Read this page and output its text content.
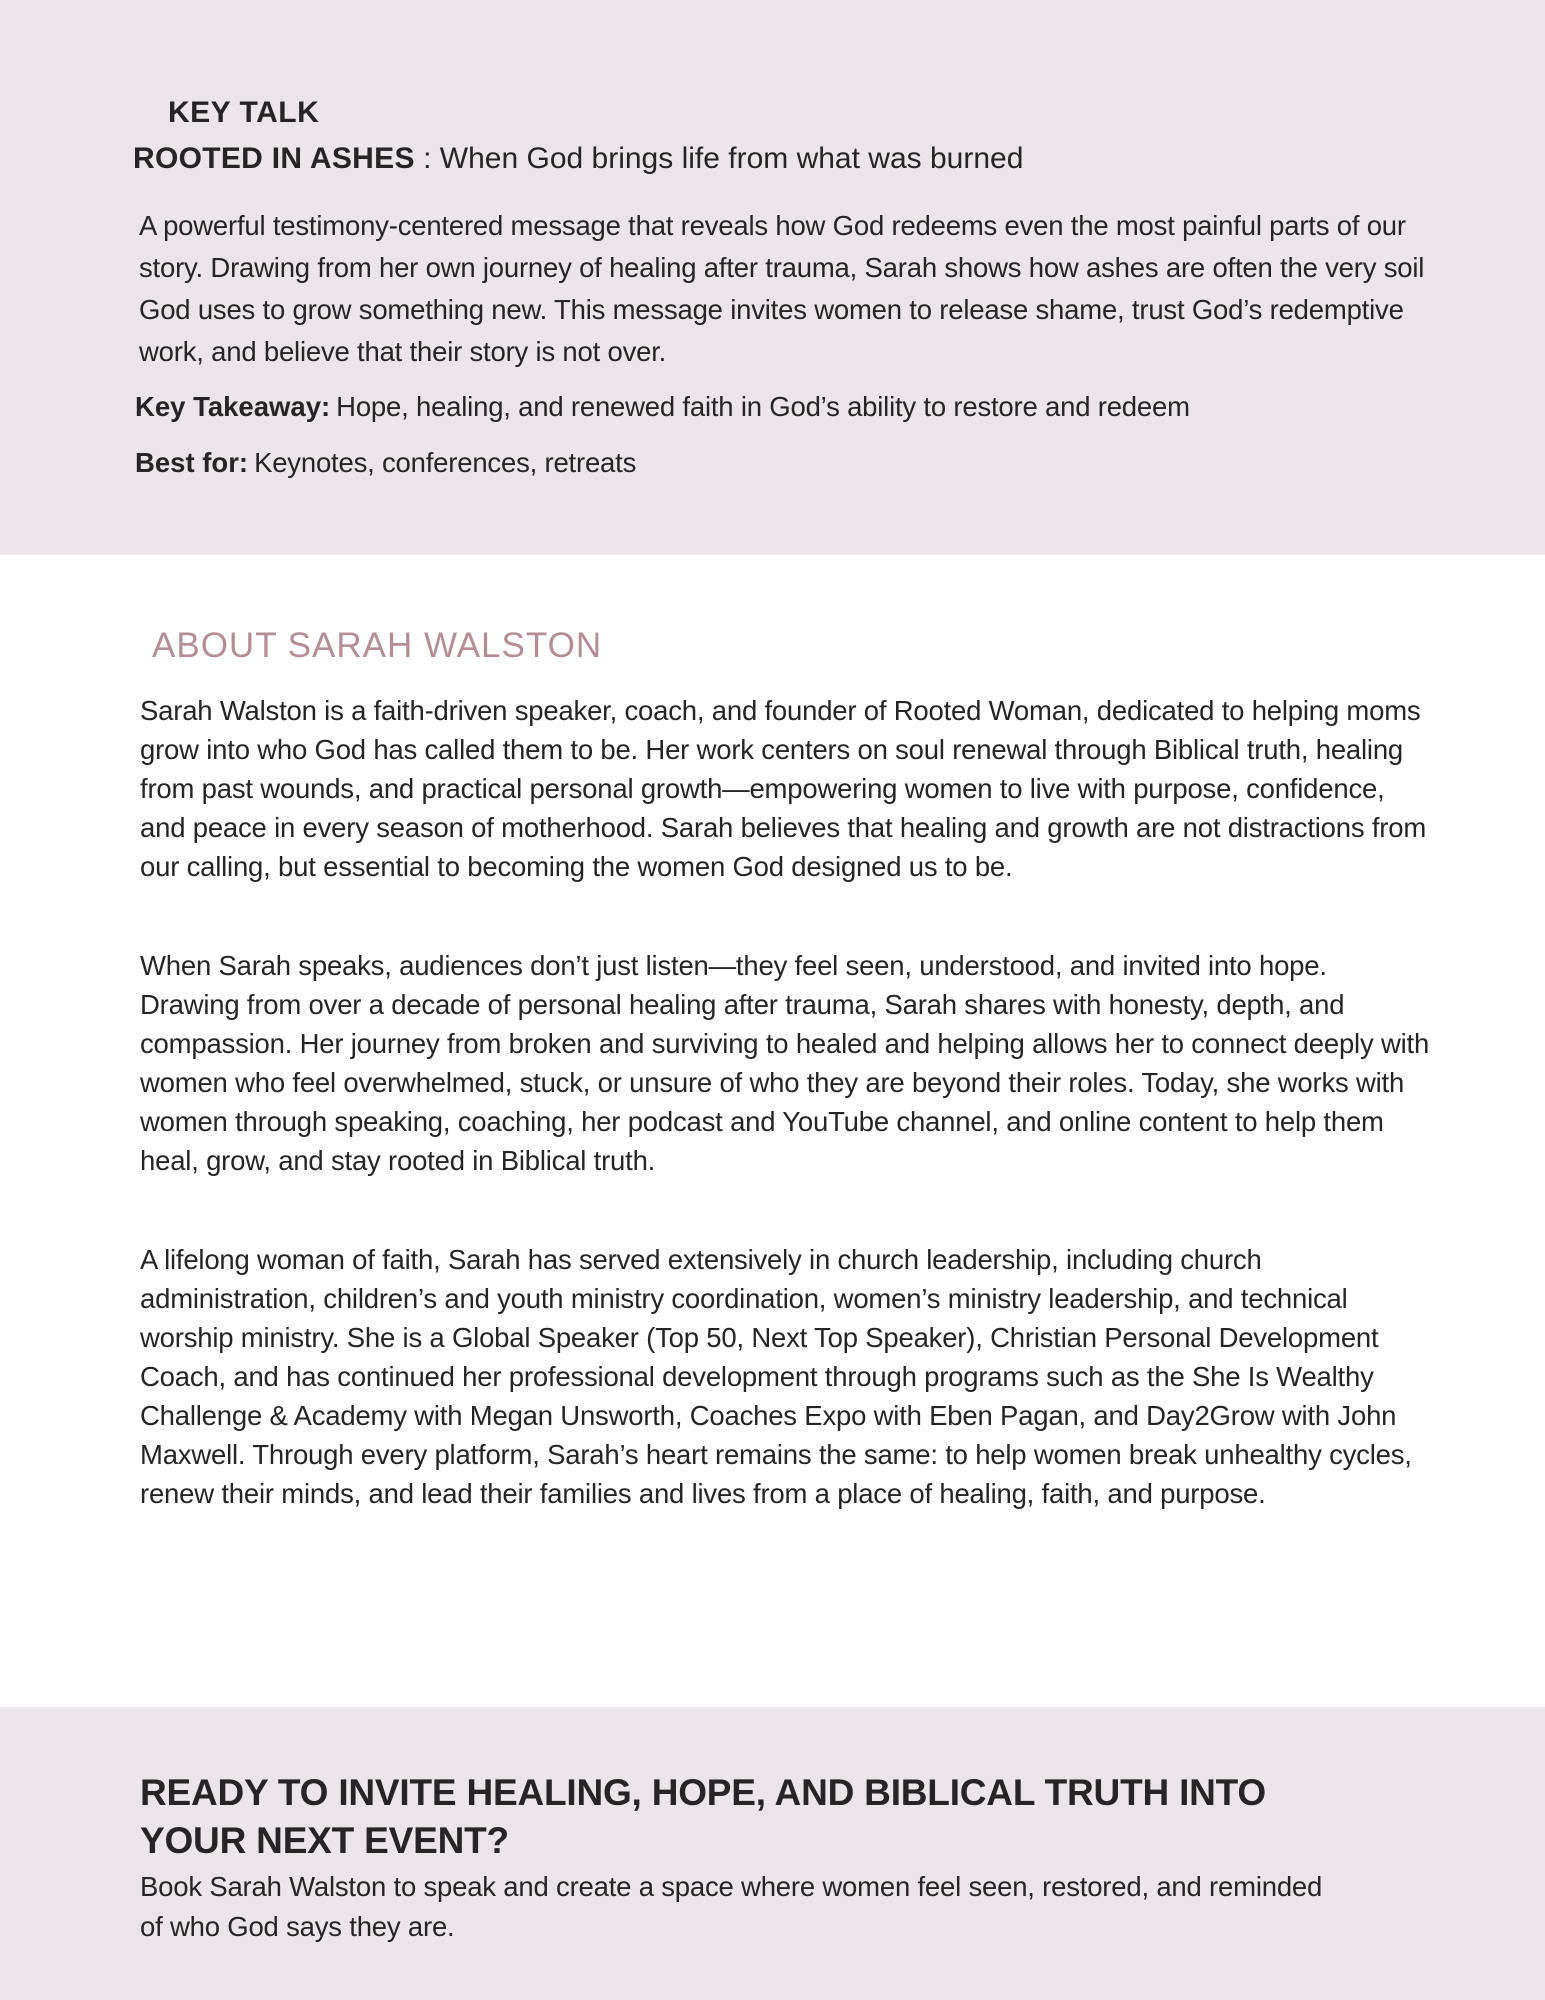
KEY TALK
ROOTED IN ASHES : When God brings life from what was burned

A powerful testimony-centered message that reveals how God redeems even the most painful parts of our story. Drawing from her own journey of healing after trauma, Sarah shows how ashes are often the very soil God uses to grow something new. This message invites women to release shame, trust God’s redemptive work, and believe that their story is not over.

Key Takeaway: Hope, healing, and renewed faith in God’s ability to restore and redeem

Best for: Keynotes, conferences, retreats

ABOUT SARAH WALSTON

Sarah Walston is a faith-driven speaker, coach, and founder of Rooted Woman, dedicated to helping moms grow into who God has called them to be. Her work centers on soul renewal through Biblical truth, healing from past wounds, and practical personal growth—empowering women to live with purpose, confidence, and peace in every season of motherhood. Sarah believes that healing and growth are not distractions from our calling, but essential to becoming the women God designed us to be.

When Sarah speaks, audiences don’t just listen—they feel seen, understood, and invited into hope. Drawing from over a decade of personal healing after trauma, Sarah shares with honesty, depth, and compassion. Her journey from broken and surviving to healed and helping allows her to connect deeply with women who feel overwhelmed, stuck, or unsure of who they are beyond their roles. Today, she works with women through speaking, coaching, her podcast and YouTube channel, and online content to help them heal, grow, and stay rooted in Biblical truth.

A lifelong woman of faith, Sarah has served extensively in church leadership, including church administration, children’s and youth ministry coordination, women’s ministry leadership, and technical worship ministry. She is a Global Speaker (Top 50, Next Top Speaker), Christian Personal Development Coach, and has continued her professional development through programs such as the She Is Wealthy Challenge & Academy with Megan Unsworth, Coaches Expo with Eben Pagan, and Day2Grow with John Maxwell. Through every platform, Sarah’s heart remains the same: to help women break unhealthy cycles, renew their minds, and lead their families and lives from a place of healing, faith, and purpose.

READY TO INVITE HEALING, HOPE, AND BIBLICAL TRUTH INTO YOUR NEXT EVENT?

Book Sarah Walston to speak and create a space where women feel seen, restored, and reminded of who God says they are.
